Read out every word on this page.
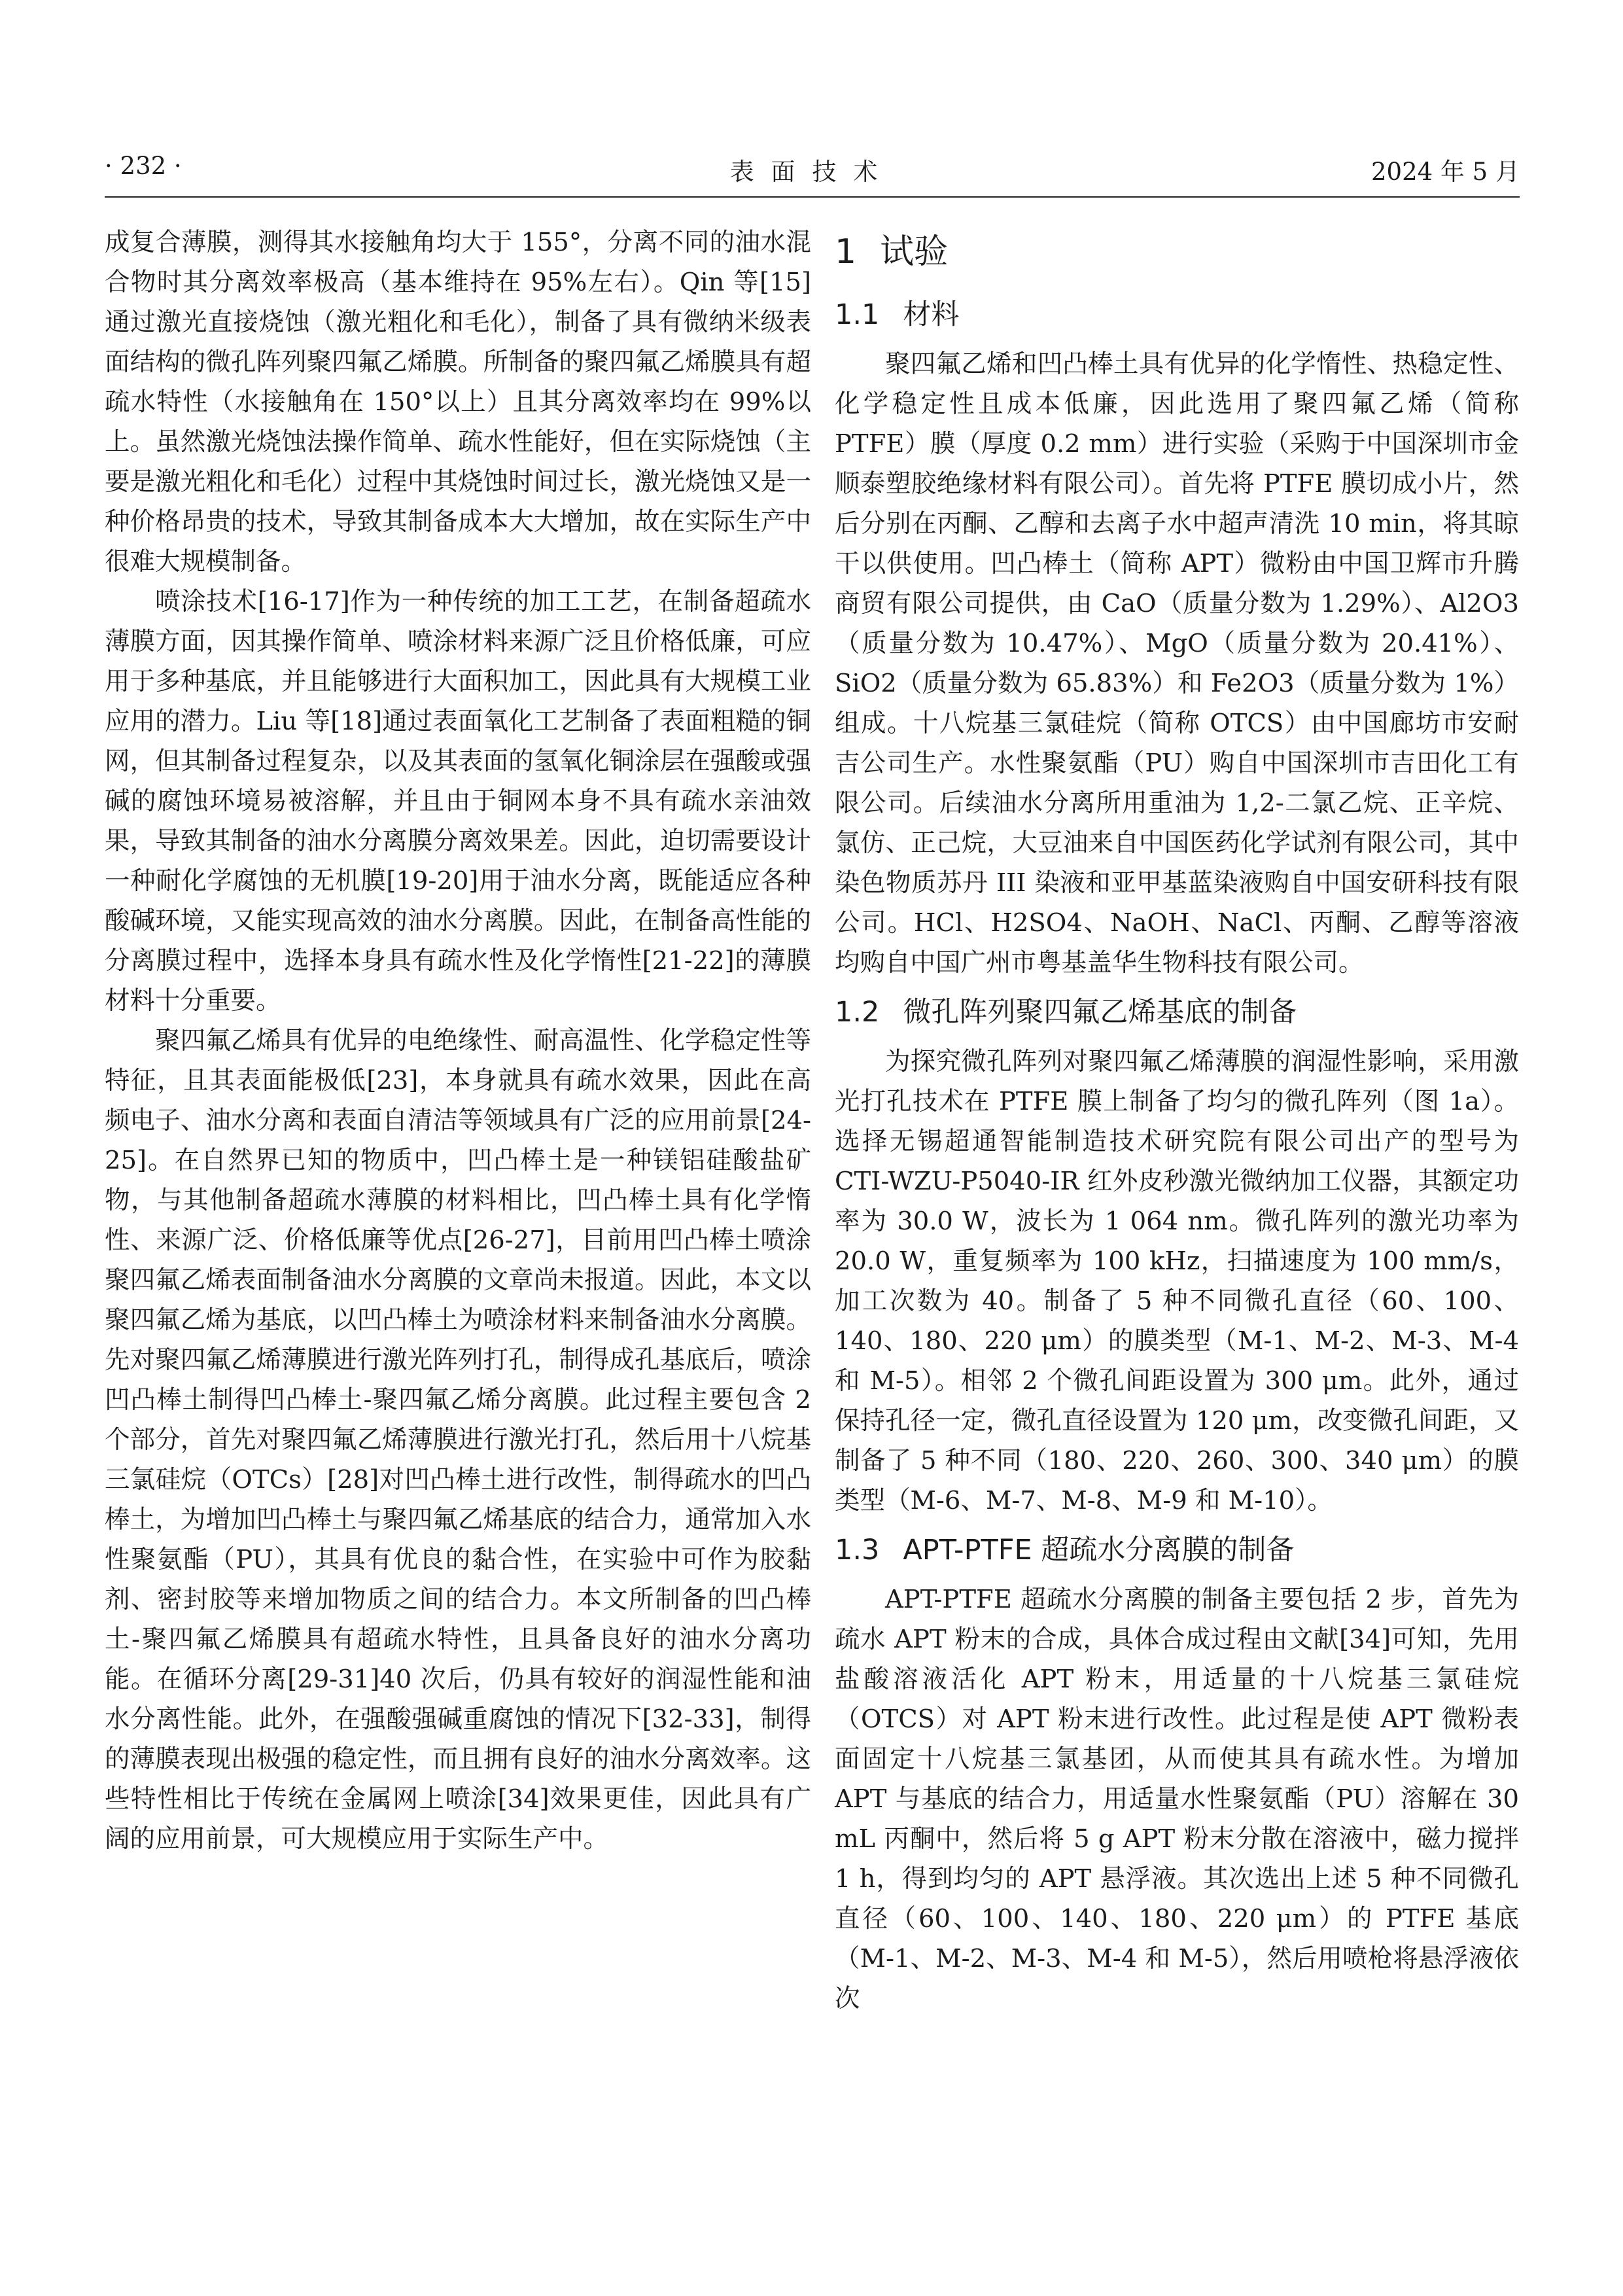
· 232 ·	表面技术	2024 年 5 月

成复合薄膜，测得其水接触角均大于 155°，分离不同的油水混合物时其分离效率极高（基本维持在 95%左右）。Qin 等[15]通过激光直接烧蚀（激光粗化和毛化），制备了具有微纳米级表面结构的微孔阵列聚四氟乙烯膜。所制备的聚四氟乙烯膜具有超疏水特性（水接触角在 150°以上）且其分离效率均在 99%以上。虽然激光烧蚀法操作简单、疏水性能好，但在实际烧蚀（主要是激光粗化和毛化）过程中其烧蚀时间过长，激光烧蚀又是一种价格昂贵的技术，导致其制备成本大大增加，故在实际生产中很难大规模制备。

喷涂技术[16-17]作为一种传统的加工工艺，在制备超疏水薄膜方面，因其操作简单、喷涂材料来源广泛且价格低廉，可应用于多种基底，并且能够进行大面积加工，因此具有大规模工业应用的潜力。Liu 等[18]通过表面氧化工艺制备了表面粗糙的铜网，但其制备过程复杂，以及其表面的氢氧化铜涂层在强酸或强碱的腐蚀环境易被溶解，并且由于铜网本身不具有疏水亲油效果，导致其制备的油水分离膜分离效果差。因此，迫切需要设计一种耐化学腐蚀的无机膜[19-20]用于油水分离，既能适应各种酸碱环境，又能实现高效的油水分离膜。因此，在制备高性能的分离膜过程中，选择本身具有疏水性及化学惰性[21-22]的薄膜材料十分重要。

聚四氟乙烯具有优异的电绝缘性、耐高温性、化学稳定性等特征，且其表面能极低[23]，本身就具有疏水效果，因此在高频电子、油水分离和表面自清洁等领域具有广泛的应用前景[24-25]。在自然界已知的物质中，凹凸棒土是一种镁铝硅酸盐矿物，与其他制备超疏水薄膜的材料相比，凹凸棒土具有化学惰性、来源广泛、价格低廉等优点[26-27]，目前用凹凸棒土喷涂聚四氟乙烯表面制备油水分离膜的文章尚未报道。因此，本文以聚四氟乙烯为基底，以凹凸棒土为喷涂材料来制备油水分离膜。先对聚四氟乙烯薄膜进行激光阵列打孔，制得成孔基底后，喷涂凹凸棒土制得凹凸棒土-聚四氟乙烯分离膜。此过程主要包含 2 个部分，首先对聚四氟乙烯薄膜进行激光打孔，然后用十八烷基三氯硅烷（OTCs）[28]对凹凸棒土进行改性，制得疏水的凹凸棒土，为增加凹凸棒土与聚四氟乙烯基底的结合力，通常加入水性聚氨酯（PU），其具有优良的黏合性，在实验中可作为胶黏剂、密封胶等来增加物质之间的结合力。本文所制备的凹凸棒土-聚四氟乙烯膜具有超疏水特性，且具备良好的油水分离功能。在循环分离[29-31]40 次后，仍具有较好的润湿性能和油水分离性能。此外，在强酸强碱重腐蚀的情况下[32-33]，制得的薄膜表现出极强的稳定性，而且拥有良好的油水分离效率。这些特性相比于传统在金属网上喷涂[34]效果更佳，因此具有广阔的应用前景，可大规模应用于实际生产中。

1 试验
1.1 材料

聚四氟乙烯和凹凸棒土具有优异的化学惰性、热稳定性、化学稳定性且成本低廉，因此选用了聚四氟乙烯（简称 PTFE）膜（厚度 0.2 mm）进行实验（采购于中国深圳市金顺泰塑胶绝缘材料有限公司）。首先将 PTFE 膜切成小片，然后分别在丙酮、乙醇和去离子水中超声清洗 10 min，将其晾干以供使用。凹凸棒土（简称 APT）微粉由中国卫辉市升腾商贸有限公司提供，由 CaO（质量分数为 1.29%）、Al2O3（质量分数为 10.47%）、MgO（质量分数为 20.41%）、SiO2（质量分数为 65.83%）和 Fe2O3（质量分数为 1%）组成。十八烷基三氯硅烷（简称 OTCS）由中国廊坊市安耐吉公司生产。水性聚氨酯（PU）购自中国深圳市吉田化工有限公司。后续油水分离所用重油为 1,2-二氯乙烷、正辛烷、氯仿、正己烷，大豆油来自中国医药化学试剂有限公司，其中染色物质苏丹 III 染液和亚甲基蓝染液购自中国安研科技有限公司。HCl、H2SO4、NaOH、NaCl、丙酮、乙醇等溶液均购自中国广州市粤基盖华生物科技有限公司。

1.2 微孔阵列聚四氟乙烯基底的制备

为探究微孔阵列对聚四氟乙烯薄膜的润湿性影响，采用激光打孔技术在 PTFE 膜上制备了均匀的微孔阵列（图 1a）。选择无锡超通智能制造技术研究院有限公司出产的型号为 CTI-WZU-P5040-IR 红外皮秒激光微纳加工仪器，其额定功率为 30.0 W，波长为 1 064 nm。微孔阵列的激光功率为 20.0 W，重复频率为 100 kHz，扫描速度为 100 mm/s，加工次数为 40。制备了 5 种不同微孔直径（60、100、140、180、220 μm）的膜类型（M-1、M-2、M-3、M-4 和 M-5）。相邻 2 个微孔间距设置为 300 μm。此外，通过保持孔径一定，微孔直径设置为 120 μm，改变微孔间距，又制备了 5 种不同（180、220、260、300、340 μm）的膜类型（M-6、M-7、M-8、M-9 和 M-10）。

1.3 APT-PTFE 超疏水分离膜的制备

APT-PTFE 超疏水分离膜的制备主要包括 2 步，首先为疏水 APT 粉末的合成，具体合成过程由文献[34]可知，先用盐酸溶液活化 APT 粉末，用适量的十八烷基三氯硅烷（OTCS）对 APT 粉末进行改性。此过程是使 APT 微粉表面固定十八烷基三氯基团，从而使其具有疏水性。为增加 APT 与基底的结合力，用适量水性聚氨酯（PU）溶解在 30 mL 丙酮中，然后将 5 g APT 粉末分散在溶液中，磁力搅拌 1 h，得到均匀的 APT 悬浮液。其次选出上述 5 种不同微孔直径（60、100、140、180、220 μm）的 PTFE 基底（M-1、M-2、M-3、M-4 和 M-5），然后用喷枪将悬浮液依次
